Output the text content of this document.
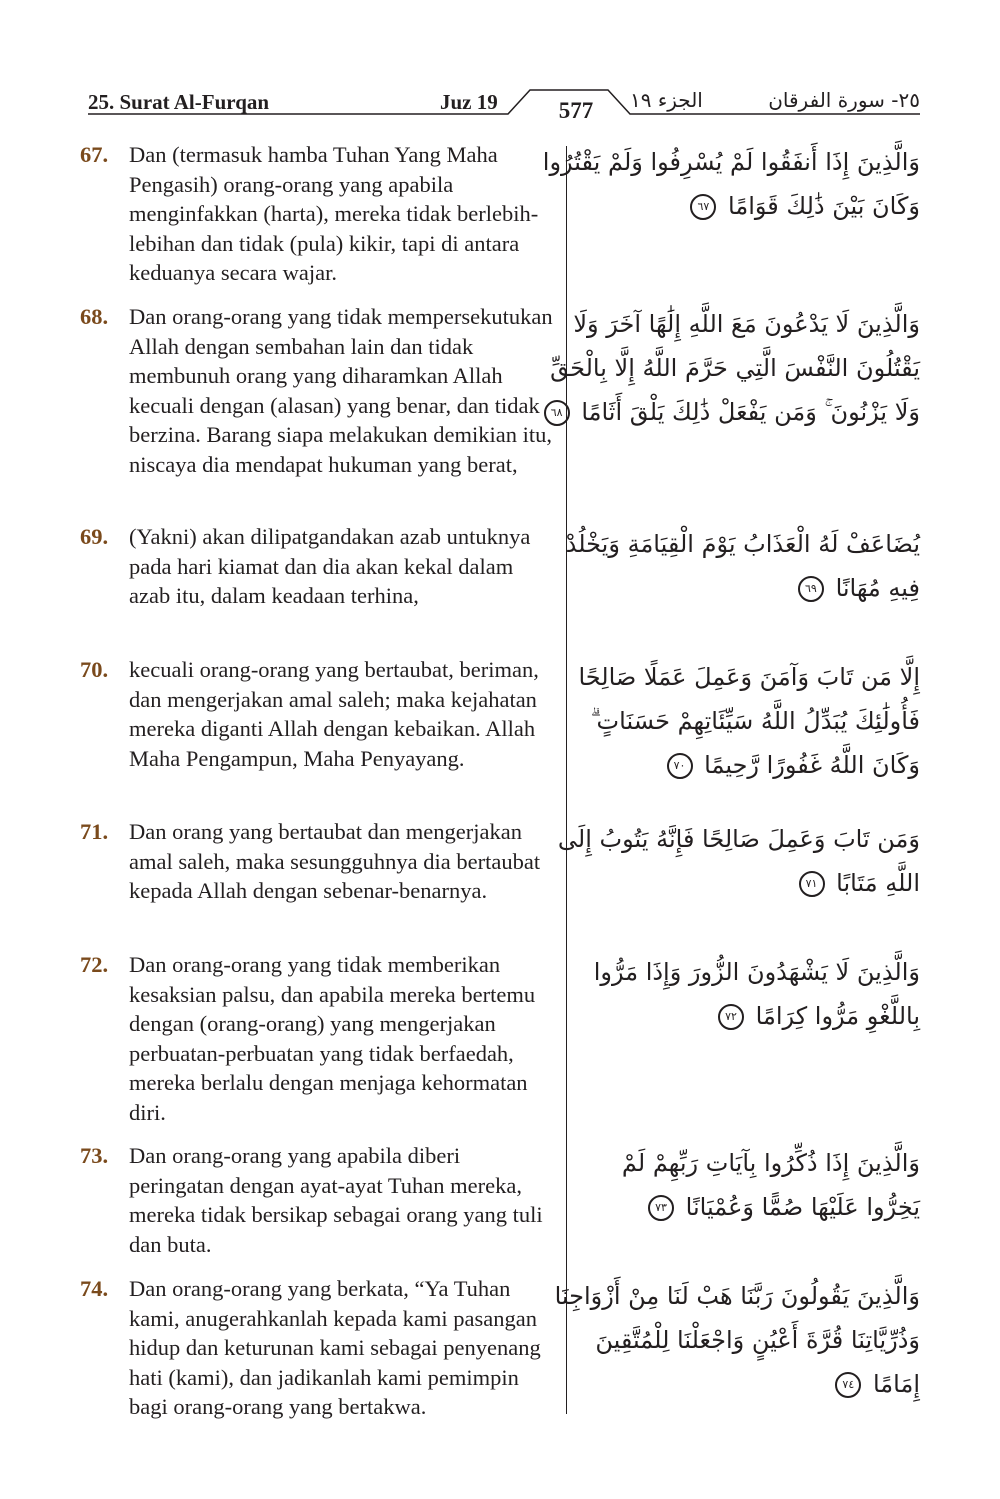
25. Surat Al-Furqan	Juz 19	577	الجزء ١٩	٢٥- سورة الفرقان
67. Dan (termasuk hamba Tuhan Yang Maha Pengasih) orang-orang yang apabila menginfakkan (harta), mereka tidak berlebih-lebihan dan tidak (pula) kikir, tapi di antara keduanya secara wajar.
وَالَّذِينَ إِذَا أَنفَقُوا لَمْ يُسْرِفُوا وَلَمْ يَقْتُرُوا
وَكَانَ بَيْنَ ذَٰلِكَ قَوَامًا ٦٧
68. Dan orang-orang yang tidak mempersekutukan Allah dengan sembahan lain dan tidak membunuh orang yang diharamkan Allah kecuali dengan (alasan) yang benar, dan tidak berzina. Barang siapa melakukan demikian itu, niscaya dia mendapat hukuman yang berat,
وَالَّذِينَ لَا يَدْعُونَ مَعَ اللَّهِ إِلَٰهًا آخَرَ وَلَا
يَقْتُلُونَ النَّفْسَ الَّتِي حَرَّمَ اللَّهُ إِلَّا بِالْحَقِّ
وَلَا يَزْنُونَ ۚ وَمَن يَفْعَلْ ذَٰلِكَ يَلْقَ أَثَامًا ٦٨
69. (Yakni) akan dilipatgandakan azab untuknya pada hari kiamat dan dia akan kekal dalam azab itu, dalam keadaan terhina,
يُضَاعَفْ لَهُ الْعَذَابُ يَوْمَ الْقِيَامَةِ وَيَخْلُدْ
فِيهِ مُهَانًا ٦٩
70. kecuali orang-orang yang bertaubat, beriman, dan mengerjakan amal saleh; maka kejahatan mereka diganti Allah dengan kebaikan. Allah Maha Pengampun, Maha Penyayang.
إِلَّا مَن تَابَ وَآمَنَ وَعَمِلَ عَمَلًا صَالِحًا
فَأُولَٰئِكَ يُبَدِّلُ اللَّهُ سَيِّئَاتِهِمْ حَسَنَاتٍ ۗ
وَكَانَ اللَّهُ غَفُورًا رَّحِيمًا ٧٠
71. Dan orang yang bertaubat dan mengerjakan amal saleh, maka sesungguhnya dia bertaubat kepada Allah dengan sebenar-benarnya.
وَمَن تَابَ وَعَمِلَ صَالِحًا فَإِنَّهُ يَتُوبُ إِلَى
اللَّهِ مَتَابًا ٧١
72. Dan orang-orang yang tidak memberikan kesaksian palsu, dan apabila mereka bertemu dengan (orang-orang) yang mengerjakan perbuatan-perbuatan yang tidak berfaedah, mereka berlalu dengan menjaga kehormatan diri.
وَالَّذِينَ لَا يَشْهَدُونَ الزُّورَ وَإِذَا مَرُّوا
بِاللَّغْوِ مَرُّوا كِرَامًا ٧٢
73. Dan orang-orang yang apabila diberi peringatan dengan ayat-ayat Tuhan mereka, mereka tidak bersikap sebagai orang yang tuli dan buta.
وَالَّذِينَ إِذَا ذُكِّرُوا بِآيَاتِ رَبِّهِمْ لَمْ
يَخِرُّوا عَلَيْهَا صُمًّا وَعُمْيَانًا ٧٣
74. Dan orang-orang yang berkata, “Ya Tuhan kami, anugerahkanlah kepada kami pasangan hidup dan keturunan kami sebagai penyenang hati (kami), dan jadikanlah kami pemimpin bagi orang-orang yang bertakwa.
وَالَّذِينَ يَقُولُونَ رَبَّنَا هَبْ لَنَا مِنْ أَزْوَاجِنَا
وَذُرِّيَّاتِنَا قُرَّةَ أَعْيُنٍ وَاجْعَلْنَا لِلْمُتَّقِينَ
إِمَامًا ٧٤
